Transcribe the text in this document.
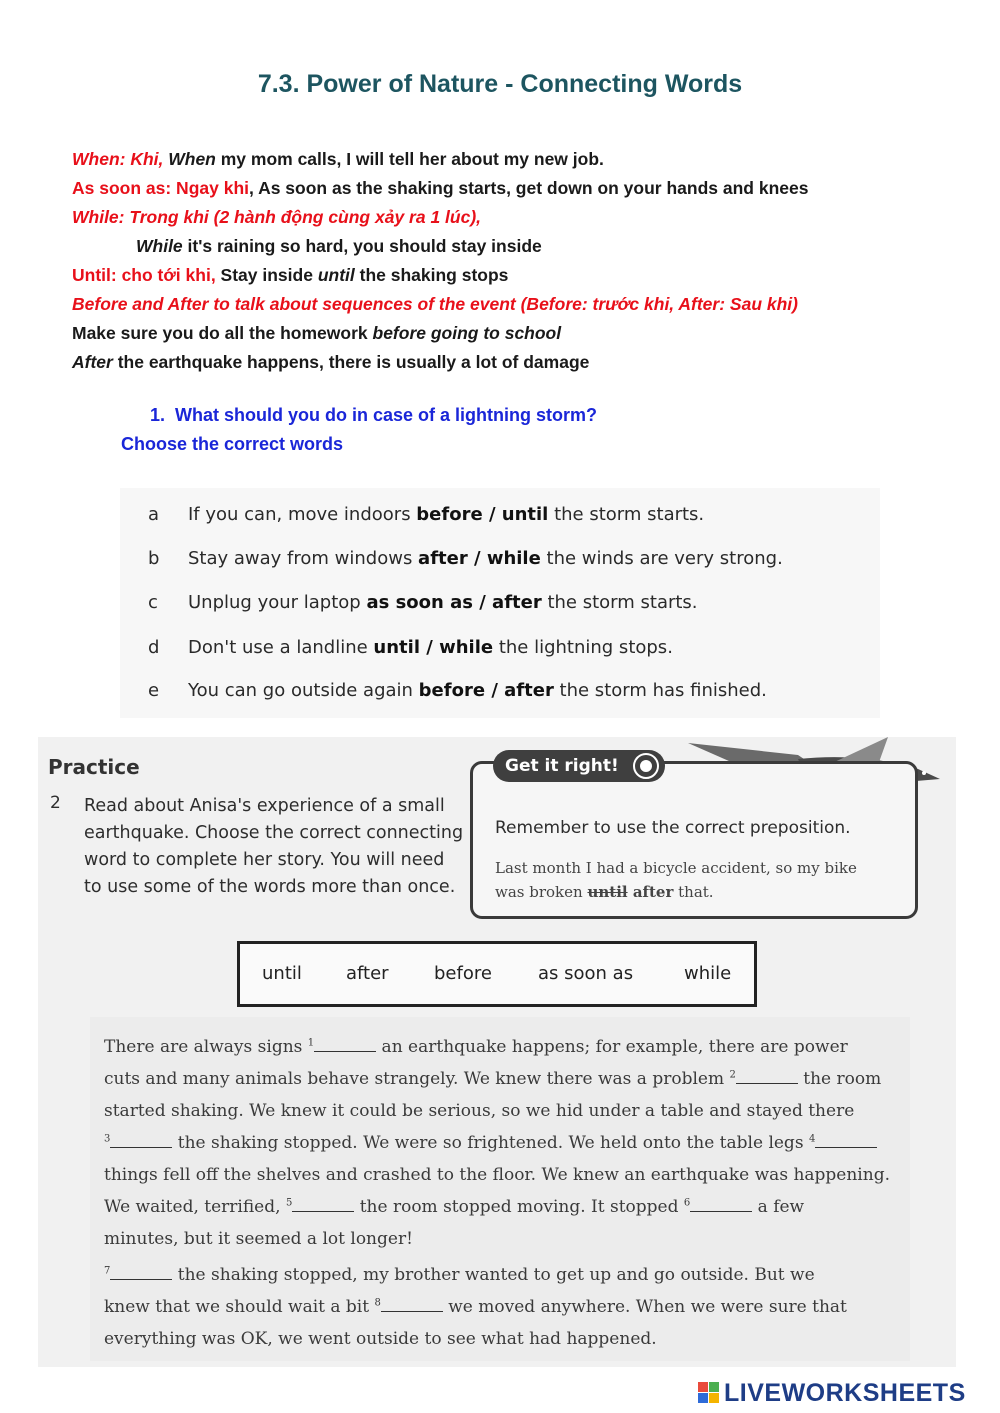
7.3. Power of Nature - Connecting Words
When: Khi, When my mom calls, I will tell her about my new job.
As soon as: Ngay khi, As soon as the shaking starts, get down on your hands and knees
While: Trong khi (2 hành động cùng xảy ra 1 lúc),
While it's raining so hard, you should stay inside
Until: cho tới khi, Stay inside until the shaking stops
Before and After to talk about sequences of the event (Before: trước khi, After: Sau khi)
Make sure you do all the homework before going to school
After the earthquake happens, there is usually a lot of damage
1. What should you do in case of a lightning storm?
Choose the correct words
a If you can, move indoors before / until the storm starts.
b Stay away from windows after / while the winds are very strong.
c Unplug your laptop as soon as / after the storm starts.
d Don't use a landline until / while the lightning stops.
e You can go outside again before / after the storm has finished.
Practice
2 Read about Anisa's experience of a small earthquake. Choose the correct connecting word to complete her story. You will need to use some of the words more than once.
Get it right!
Remember to use the correct preposition.
Last month I had a bicycle accident, so my bike
was broken until after that.
until after	before	as soon as	while
There are always signs $^1$	an earthquake happens; for example, there are power
cuts and many animals behave strangely. We knew there was a problem $^2$	the room
started shaking. We knew it could be serious, so we hid under a table and stayed there
$^3$	the shaking stopped. We were so frightened. We held onto the table legs $^4$
things fell off the shelves and crashed to the floor. We knew an earthquake was happening.
We waited, terrified, $^5$	the room stopped moving. It stopped $^6$	a few
minutes, but it seemed a lot longer!
$^7$	the shaking stopped, my brother wanted to get up and go outside. But we
knew that we should wait a bit $^8$	we moved anywhere. When we were sure that
everything was OK, we went outside to see what had happened.
LIVEWORKSHEETS
